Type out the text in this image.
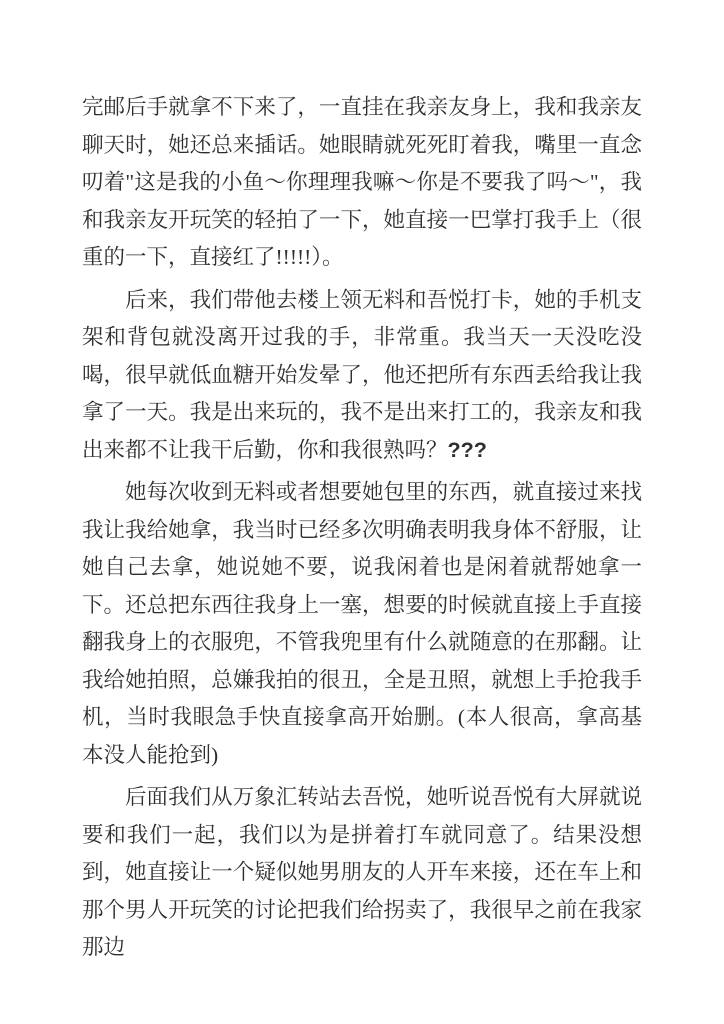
完邮后手就拿不下来了，一直挂在我亲友身上，我和我亲友聊天时，她还总来插话。她眼睛就死死盯着我，嘴里一直念叨着"这是我的小鱼～你理理我嘛～你是不要我了吗～"，我和我亲友开玩笑的轻拍了一下，她直接一巴掌打我手上（很重的一下，直接红了!!!!!）。

后来，我们带他去楼上领无料和吾悦打卡，她的手机支架和背包就没离开过我的手，非常重。我当天一天没吃没喝，很早就低血糖开始发晕了，他还把所有东西丢给我让我拿了一天。我是出来玩的，我不是出来打工的，我亲友和我出来都不让我干后勤，你和我很熟吗？???

她每次收到无料或者想要她包里的东西，就直接过来找我让我给她拿，我当时已经多次明确表明我身体不舒服，让她自己去拿，她说她不要，说我闲着也是闲着就帮她拿一下。还总把东西往我身上一塞，想要的时候就直接上手直接翻我身上的衣服兜，不管我兜里有什么就随意的在那翻。让我给她拍照，总嫌我拍的很丑，全是丑照，就想上手抢我手机，当时我眼急手快直接拿高开始删。(本人很高，拿高基本没人能抢到)

后面我们从万象汇转站去吾悦，她听说吾悦有大屏就说要和我们一起，我们以为是拼着打车就同意了。结果没想到，她直接让一个疑似她男朋友的人开车来接，还在车上和那个男人开玩笑的讨论把我们给拐卖了，我很早之前在我家那边
